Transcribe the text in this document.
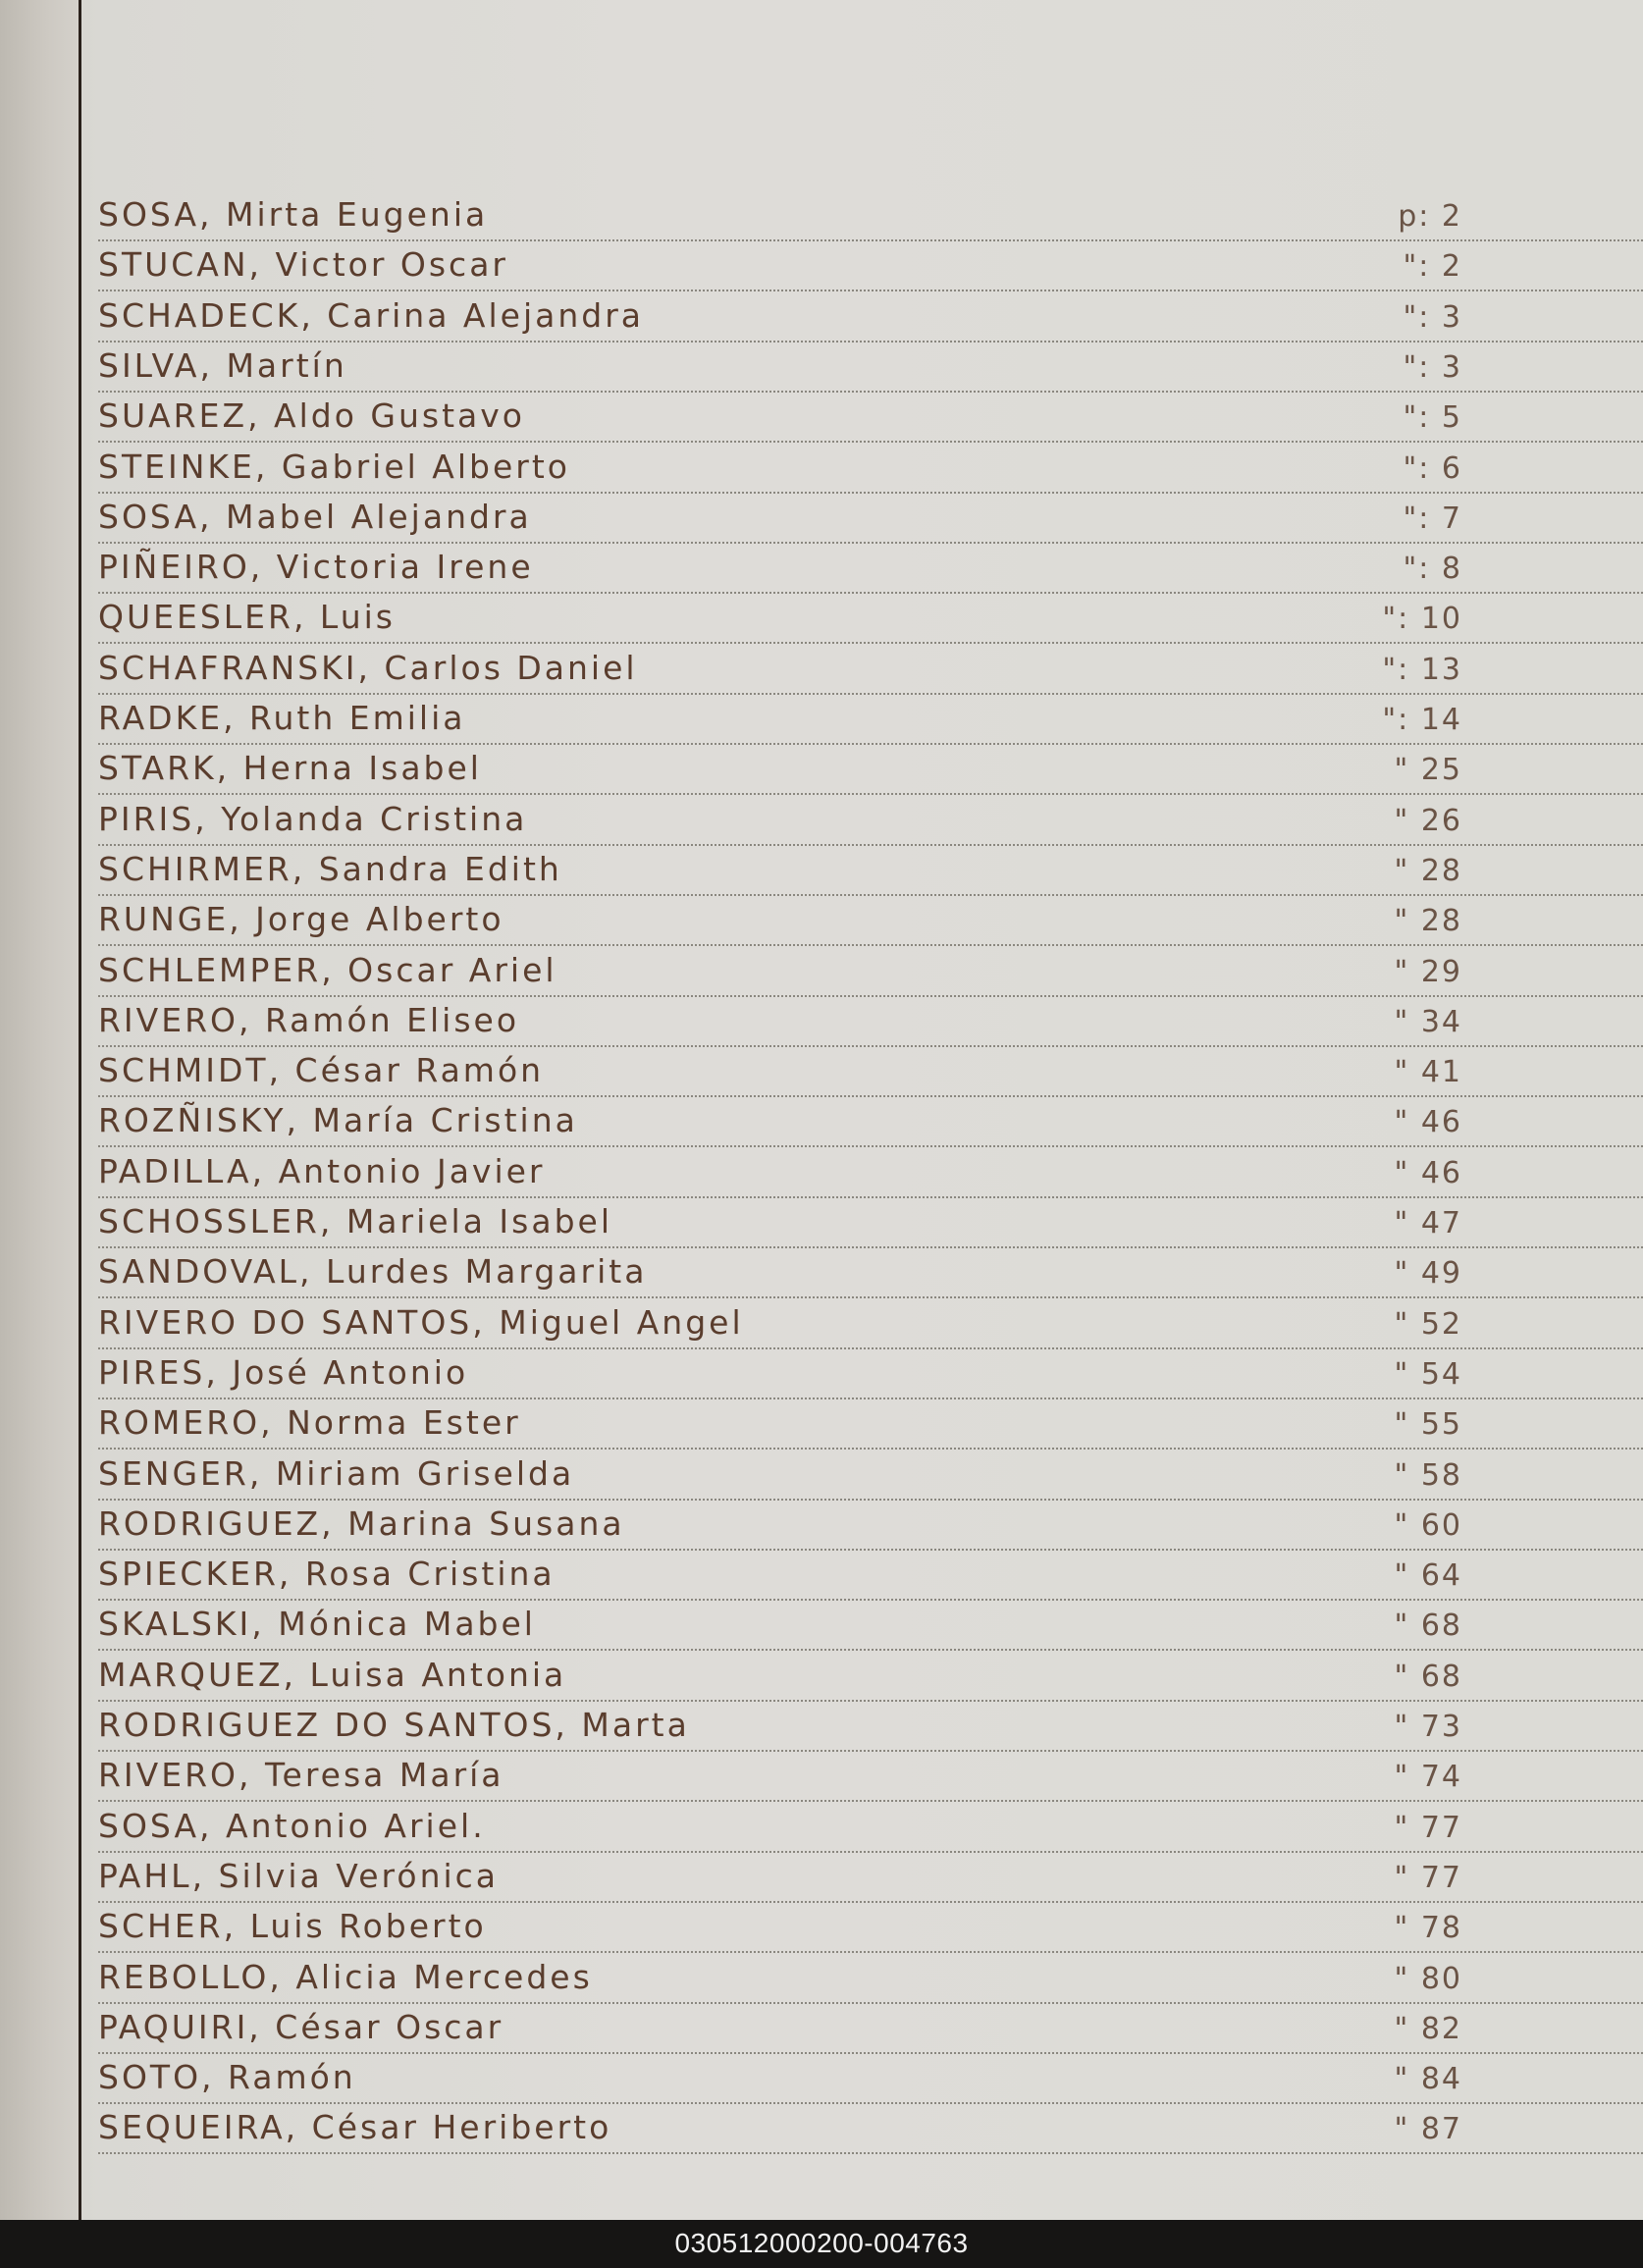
SOSA, Mirta Eugenia	p: 2
STUCAN, Victor Oscar	": 2
SCHADECK, Carina Alejandra	": 3
SILVA, Martín	": 3
SUAREZ, Aldo Gustavo	": 5
STEINKE, Gabriel Alberto	": 6
SOSA, Mabel Alejandra	": 7
PIÑEIRO, Victoria Irene	": 8
QUEESLER, Luis	": 10
SCHAFRANSKI, Carlos Daniel	": 13
RADKE, Ruth Emilia	": 14
STARK, Herna Isabel	" 25
PIRIS, Yolanda Cristina	" 26
SCHIRMER, Sandra Edith	" 28
RUNGE, Jorge Alberto	" 28
SCHLEMPER, Oscar Ariel	" 29
RIVERO, Ramón Eliseo	" 34
SCHMIDT, César Ramón	" 41
ROZÑISKY, María Cristina	" 46
PADILLA, Antonio Javier	" 46
SCHOSSLER, Mariela Isabel	" 47
SANDOVAL, Lurdes Margarita	" 49
RIVERO DO SANTOS, Miguel Angel	" 52
PIRES, José Antonio	" 54
ROMERO, Norma Ester	" 55
SENGER, Miriam Griselda	" 58
RODRIGUEZ, Marina Susana	" 60
SPIECKER, Rosa Cristina	" 64
SKALSKI, Mónica Mabel	" 68
MARQUEZ, Luisa Antonia	" 68
RODRIGUEZ DO SANTOS, Marta	" 73
RIVERO, Teresa María	" 74
SOSA, Antonio Ariel.	" 77
PAHL, Silvia Verónica	" 77
SCHER, Luis Roberto	" 78
REBOLLO, Alicia Mercedes	" 80
PAQUIRI, César Oscar	" 82
SOTO, Ramón	" 84
SEQUEIRA, César Heriberto	" 87
030512000200-004763
